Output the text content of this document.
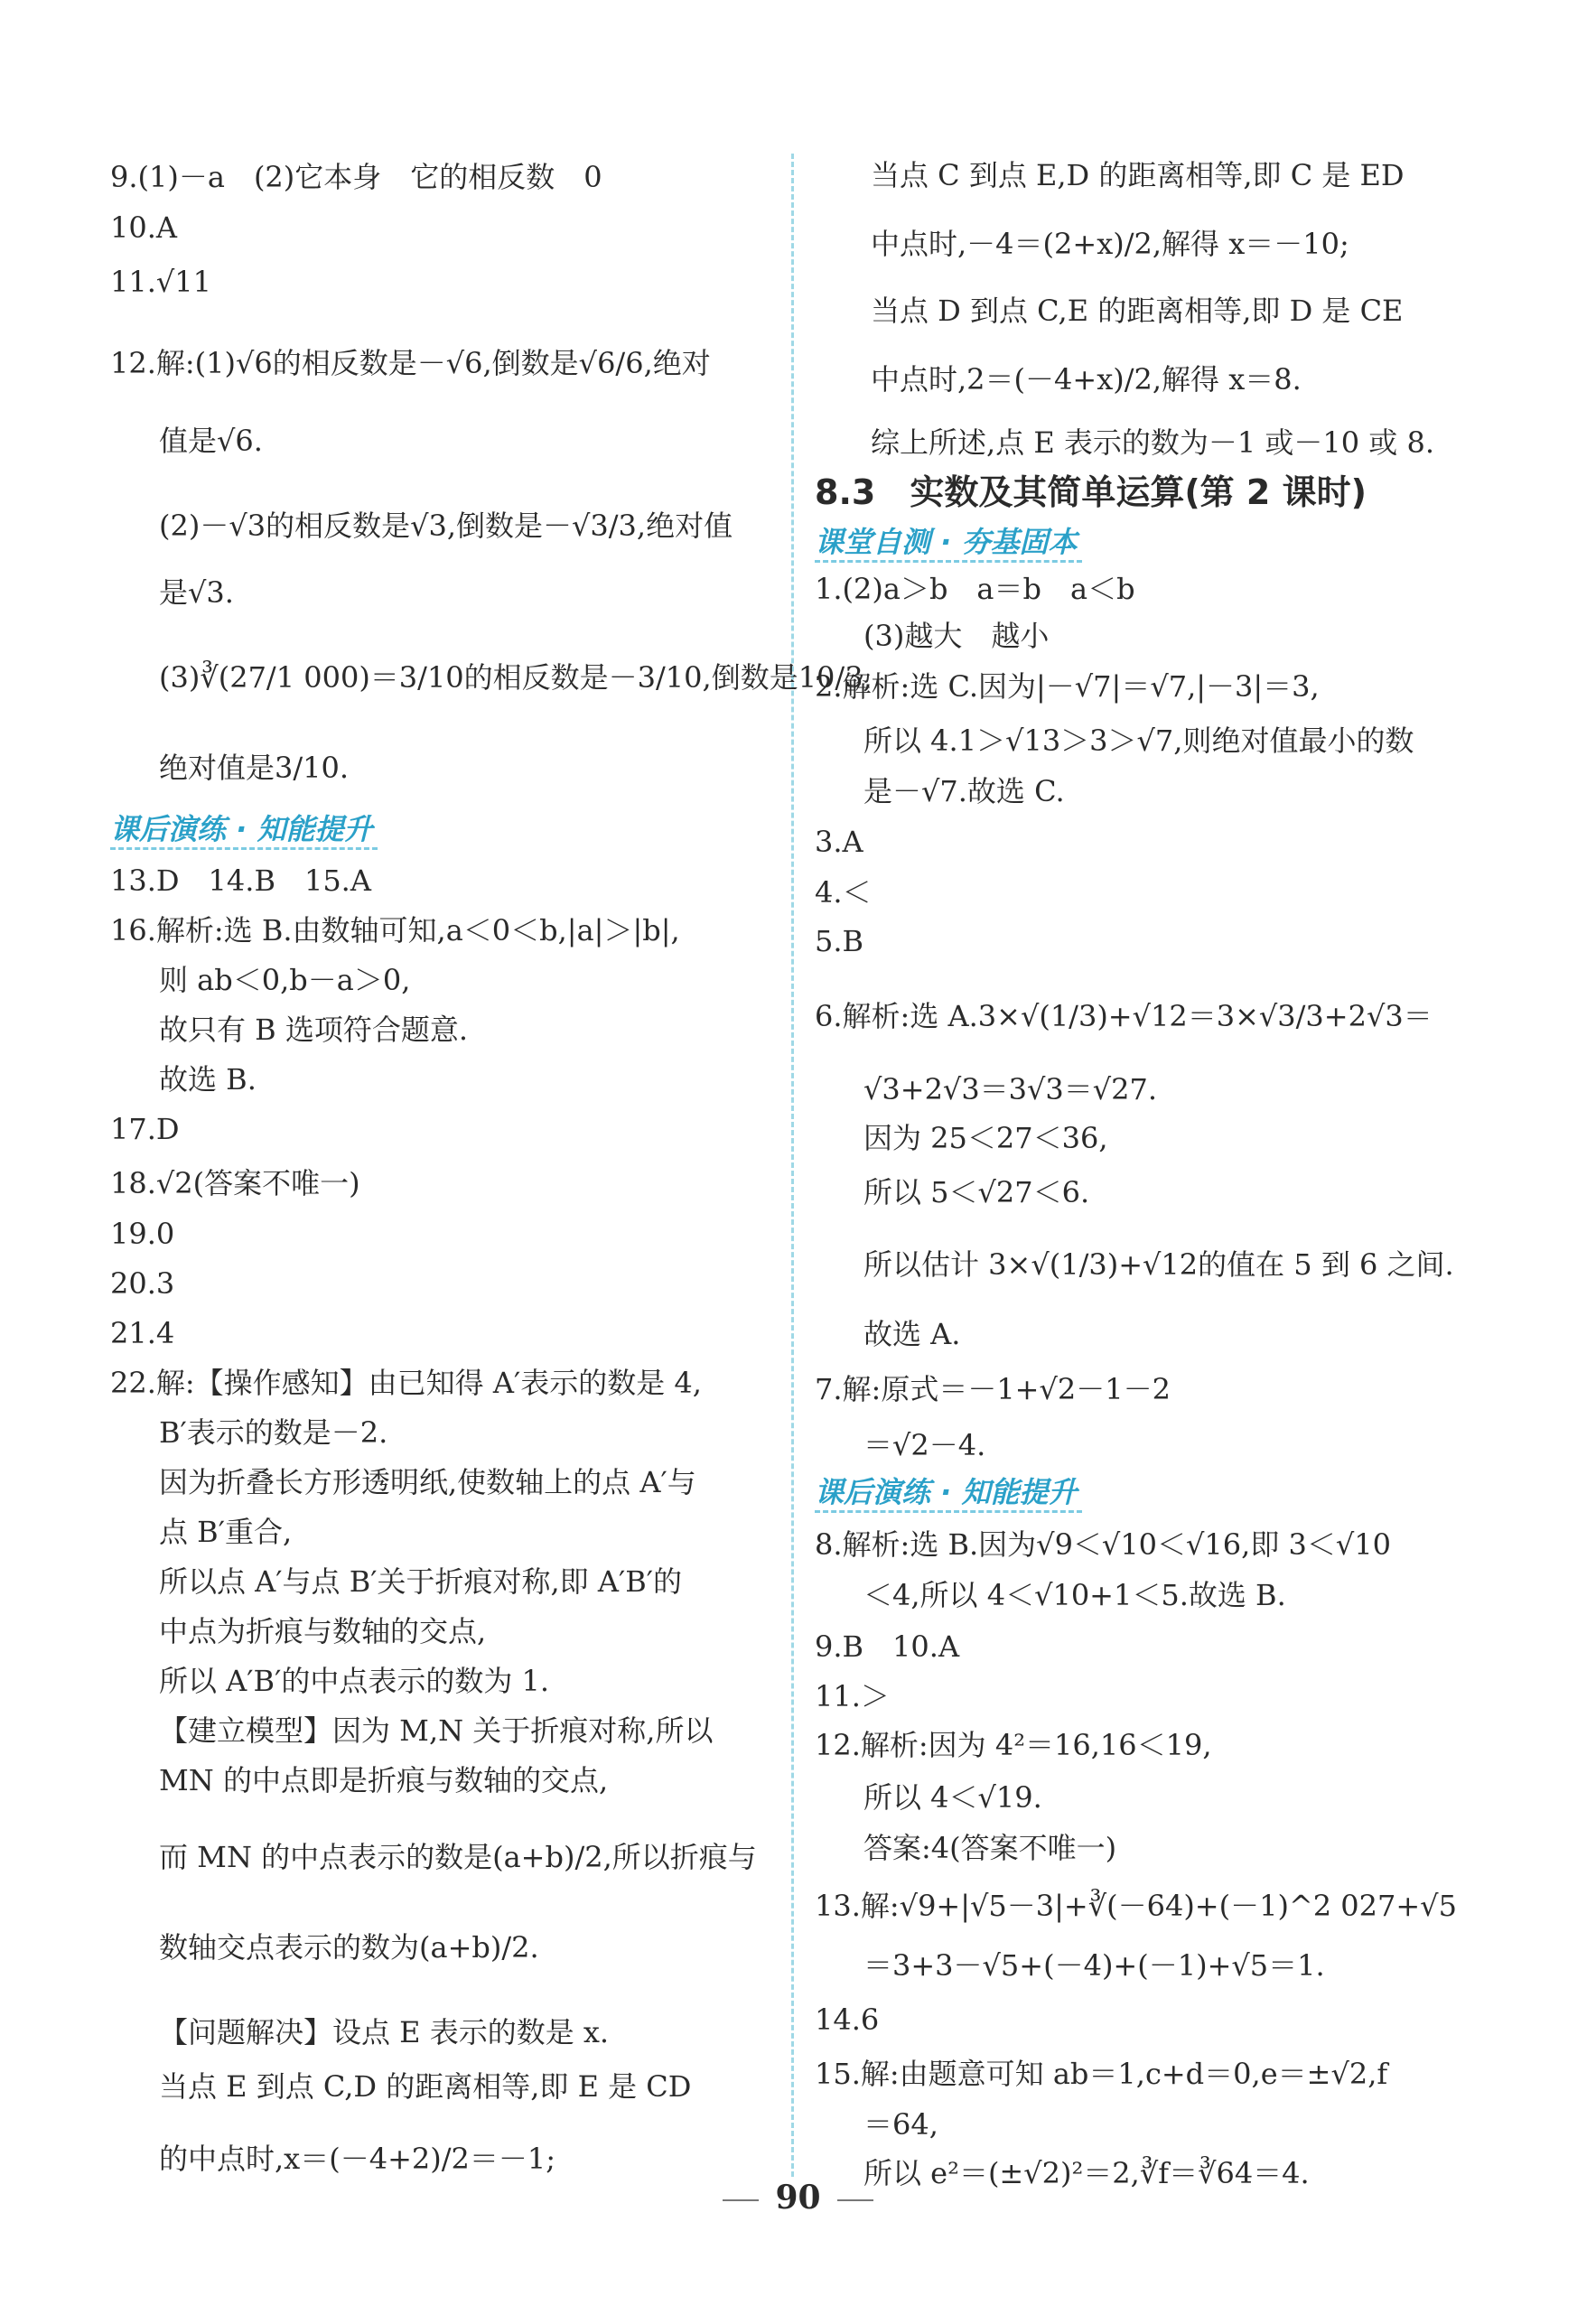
9.(1)－a　(2)它本身　它的相反数　0
10.A
11.√11
12.解:(1)√6的相反数是－√6,倒数是√6/6,绝对
值是√6.
(2)－√3的相反数是√3,倒数是－√3/3,绝对值
是√3.
(3)∛(27/1 000)＝3/10的相反数是－3/10,倒数是10/3,
绝对值是3/10.
课后演练 · 知能提升
13.D　14.B　15.A
16.解析:选 B.由数轴可知,a＜0＜b,|a|＞|b|,
则 ab＜0,b－a＞0,
故只有 B 选项符合题意.
故选 B.
17.D
18.√2(答案不唯一)
19.0
20.3
21.4
22.解:【操作感知】由已知得 A′表示的数是 4,
B′表示的数是－2.
因为折叠长方形透明纸,使数轴上的点 A′与
点 B′重合,
所以点 A′与点 B′关于折痕对称,即 A′B′的
中点为折痕与数轴的交点,
所以 A′B′的中点表示的数为 1.
【建立模型】因为 M,N 关于折痕对称,所以
MN 的中点即是折痕与数轴的交点,
而 MN 的中点表示的数是(a+b)/2,所以折痕与
数轴交点表示的数为(a+b)/2.
【问题解决】设点 E 表示的数是 x.
当点 E 到点 C,D 的距离相等,即 E 是 CD
的中点时,x＝(－4+2)/2＝－1;
当点 C 到点 E,D 的距离相等,即 C 是 ED
中点时,－4＝(2+x)/2,解得 x＝－10;
当点 D 到点 C,E 的距离相等,即 D 是 CE
中点时,2＝(－4+x)/2,解得 x＝8.
综上所述,点 E 表示的数为－1 或－10 或 8.
8.3　实数及其简单运算(第 2 课时)
课堂自测 · 夯基固本
1.(2)a＞b　a＝b　a＜b
(3)越大　越小
2.解析:选 C.因为|－√7|＝√7,|－3|＝3,
所以 4.1＞√13＞3＞√7,则绝对值最小的数
是－√7.故选 C.
3.A
4.＜
5.B
6.解析:选 A.3×√(1/3)+√12＝3×√3/3+2√3＝
√3+2√3＝3√3＝√27.
因为 25＜27＜36,
所以 5＜√27＜6.
所以估计 3×√(1/3)+√12的值在 5 到 6 之间.
故选 A.
7.解:原式＝－1+√2－1－2
＝√2－4.
课后演练 · 知能提升
8.解析:选 B.因为√9＜√10＜√16,即 3＜√10
＜4,所以 4＜√10+1＜5.故选 B.
9.B　10.A
11.＞
12.解析:因为 4²＝16,16＜19,
所以 4＜√19.
答案:4(答案不唯一)
13.解:√9+|√5－3|+∛(－64)+(－1)^2 027+√5
＝3+3－√5+(－4)+(－1)+√5＝1.
14.6
15.解:由题意可知 ab＝1,c+d＝0,e＝±√2,f
＝64,
所以 e²＝(±√2)²＝2,∛f＝∛64＝4.
90
